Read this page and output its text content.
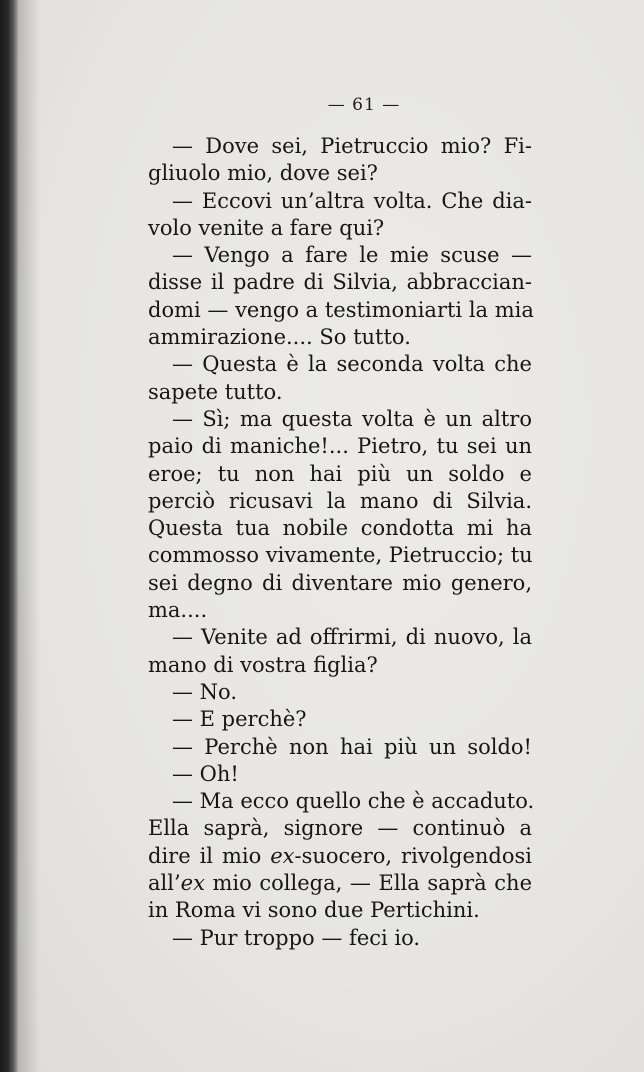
— 61 —
— Dove sei, Pietruccio mio? Fi-
gliuolo mio, dove sei?
— Eccovi un’altra volta. Che dia-
volo venite a fare qui?
— Vengo a fare le mie scuse —
disse il padre di Silvia, abbraccian-
domi — vengo a testimoniarti la mia
ammirazione.... So tutto.
— Questa è la seconda volta che
sapete tutto.
— Sì; ma questa volta è un altro
paio di maniche!... Pietro, tu sei un
eroe; tu non hai più un soldo e
perciò ricusavi la mano di Silvia.
Questa tua nobile condotta mi ha
commosso vivamente, Pietruccio; tu
sei degno di diventare mio genero,
ma....
— Venite ad offrirmi, di nuovo, la
mano di vostra figlia?
— No.
— E perchè?
— Perchè non hai più un soldo!
— Oh!
— Ma ecco quello che è accaduto.
Ella saprà, signore — continuò a
dire il mio ex-suocero, rivolgendosi
all’ex mio collega, — Ella saprà che
in Roma vi sono due Pertichini.
— Pur troppo — feci io.
